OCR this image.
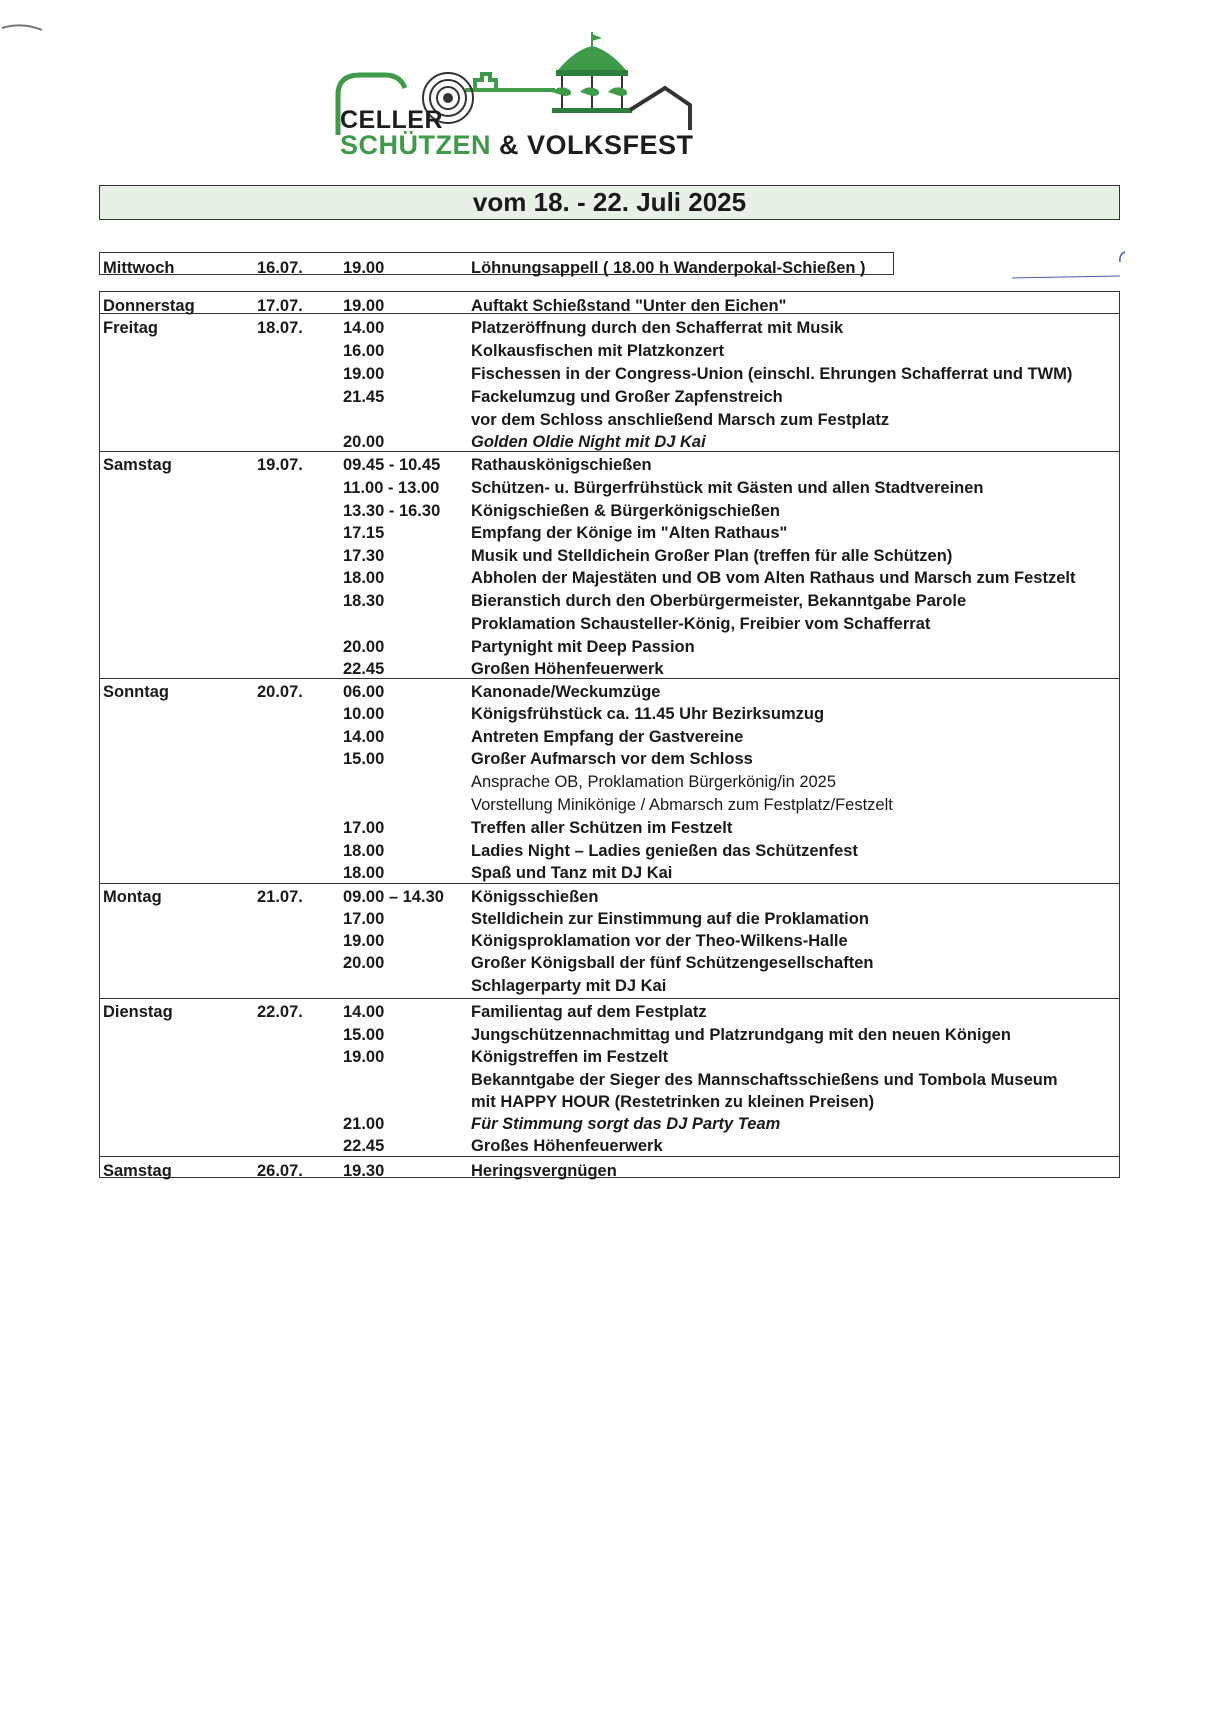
CELLER
SCHÜTZEN & VOLKSFEST
vom 18. - 22. Juli 2025
Mittwoch	16.07. 19.00	Löhnungsappell ( 18.00 h Wanderpokal-Schießen )
Donnerstag	17.07. 19.00	Auftakt Schießstand "Unter den Eichen"
Freitag	18.07. 14.00	Platzeröffnung durch den Schafferrat mit Musik
16.00	Kolkausfischen mit Platzkonzert
19.00	Fischessen in der Congress-Union (einschl. Ehrungen Schafferrat und TWM)
21.45	Fackelumzug und Großer Zapfenstreich
vor dem Schloss anschließend Marsch zum Festplatz
20.00	Golden Oldie Night mit DJ Kai
Samstag	19.07. 09.45 - 10.45 Rathauskönigschießen
11.00 - 13.00 Schützen- u. Bürgerfrühstück mit Gästen und allen Stadtvereinen
13.30 - 16.30 Königschießen & Bürgerkönigschießen
17.15	Empfang der Könige im "Alten Rathaus"
17.30	Musik und Stelldichein Großer Plan (treffen für alle Schützen)
18.00	Abholen der Majestäten und OB vom Alten Rathaus und Marsch zum Festzelt
18.30	Bieranstich durch den Oberbürgermeister, Bekanntgabe Parole
Proklamation Schausteller-König, Freibier vom Schafferrat
20.00	Partynight mit Deep Passion
22.45	Großen Höhenfeuerwerk
Sonntag	20.07. 06.00	Kanonade/Weckumzüge
10.00	Königsfrühstück ca. 11.45 Uhr Bezirksumzug
14.00	Antreten Empfang der Gastvereine
15.00	Großer Aufmarsch vor dem Schloss
Ansprache OB, Proklamation Bürgerkönig/in 2025
Vorstellung Minikönige / Abmarsch zum Festplatz/Festzelt
17.00	Treffen aller Schützen im Festzelt
18.00	Ladies Night – Ladies genießen das Schützenfest
18.00	Spaß und Tanz mit DJ Kai
Montag	21.07. 09.00 – 14.30 Königsschießen
17.00	Stelldichein zur Einstimmung auf die Proklamation
19.00	Königsproklamation vor der Theo-Wilkens-Halle
20.00	Großer Königsball der fünf Schützengesellschaften
Schlagerparty mit DJ Kai
Dienstag	22.07. 14.00	Familientag auf dem Festplatz
15.00	Jungschützennachmittag und Platzrundgang mit den neuen Königen
19.00	Königstreffen im Festzelt
Bekanntgabe der Sieger des Mannschaftsschießens und Tombola Museum
mit HAPPY HOUR (Restetrinken zu kleinen Preisen)
21.00	Für Stimmung sorgt das DJ Party Team
22.45	Großes Höhenfeuerwerk
Samstag	26.07. 19.30	Heringsvergnügen
